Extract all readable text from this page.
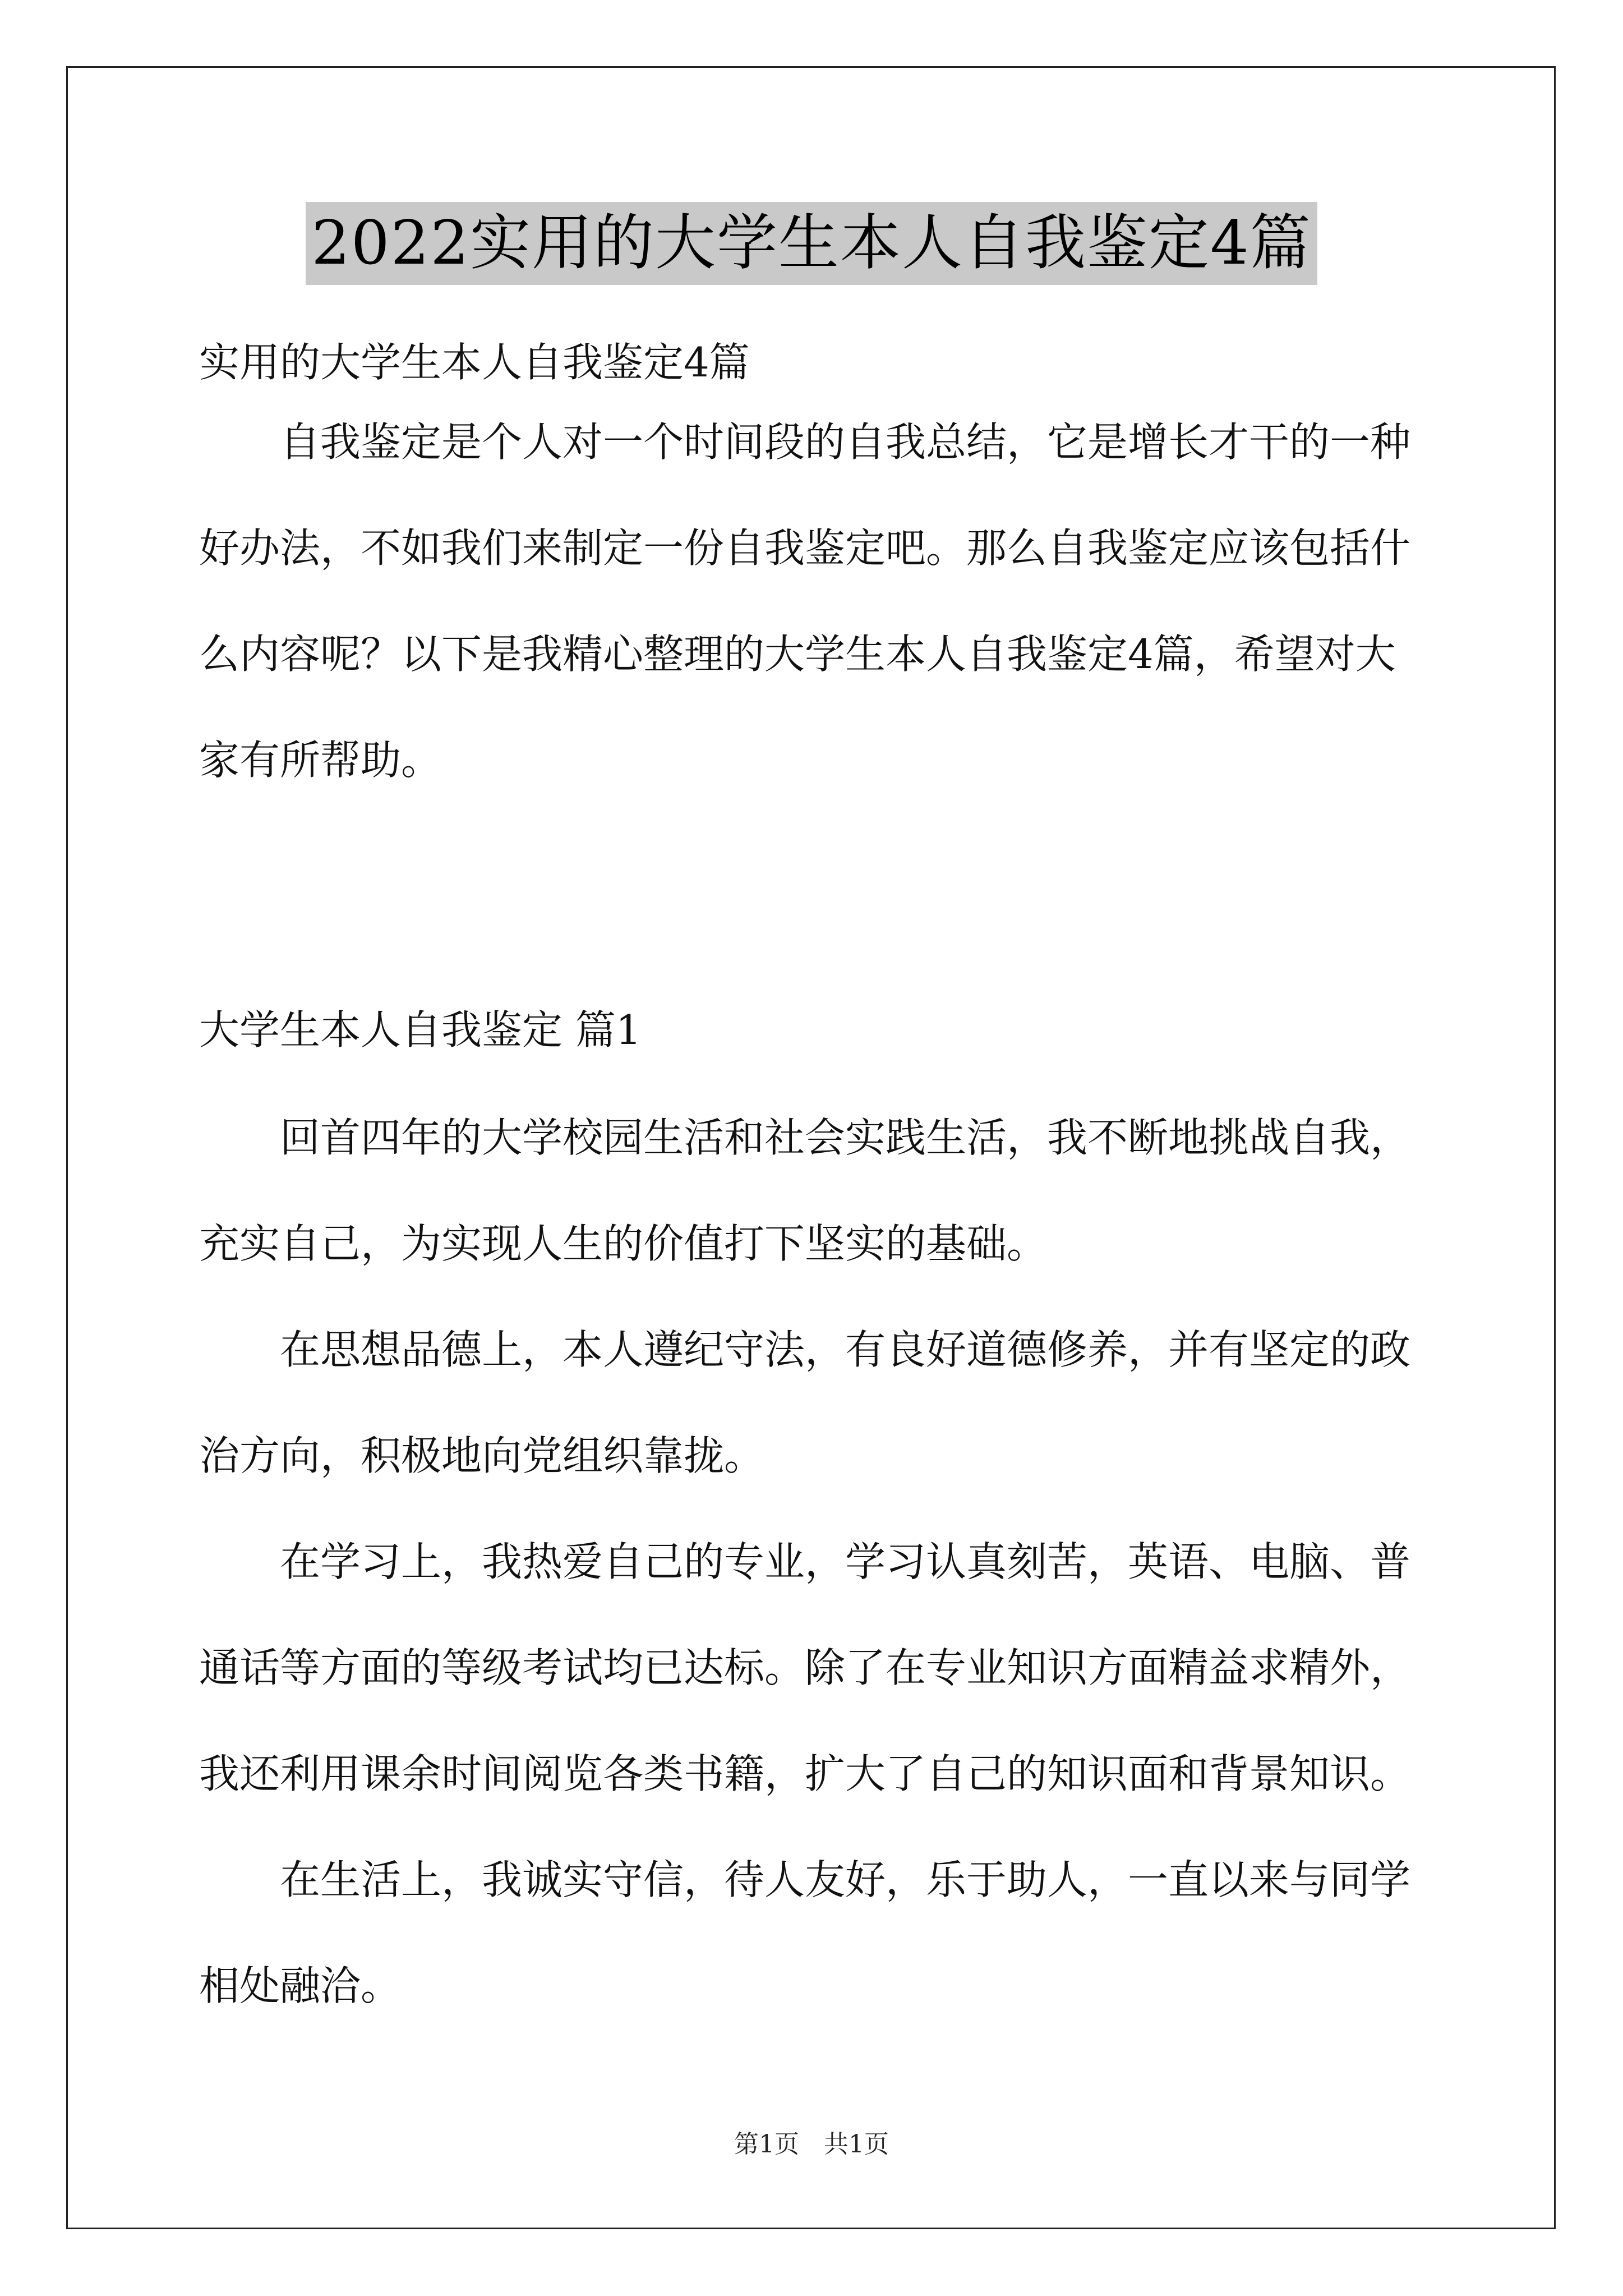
2022实用的大学生本人自我鉴定4篇
实用的大学生本人自我鉴定4篇
自我鉴定是个人对一个时间段的自我总结，它是增长才干的一种
好办法，不如我们来制定一份自我鉴定吧。那么自我鉴定应该包括什
么内容呢？以下是我精心整理的大学生本人自我鉴定4篇，希望对大
家有所帮助。
大学生本人自我鉴定 篇1
回首四年的大学校园生活和社会实践生活，我不断地挑战自我，
充实自己，为实现人生的价值打下坚实的基础。
在思想品德上，本人遵纪守法，有良好道德修养，并有坚定的政
治方向，积极地向党组织靠拢。
在学习上，我热爱自己的专业，学习认真刻苦，英语、电脑、普
通话等方面的等级考试均已达标。除了在专业知识方面精益求精外，
我还利用课余时间阅览各类书籍，扩大了自己的知识面和背景知识。
在生活上，我诚实守信，待人友好，乐于助人，一直以来与同学
相处融洽。
第1页 共1页
